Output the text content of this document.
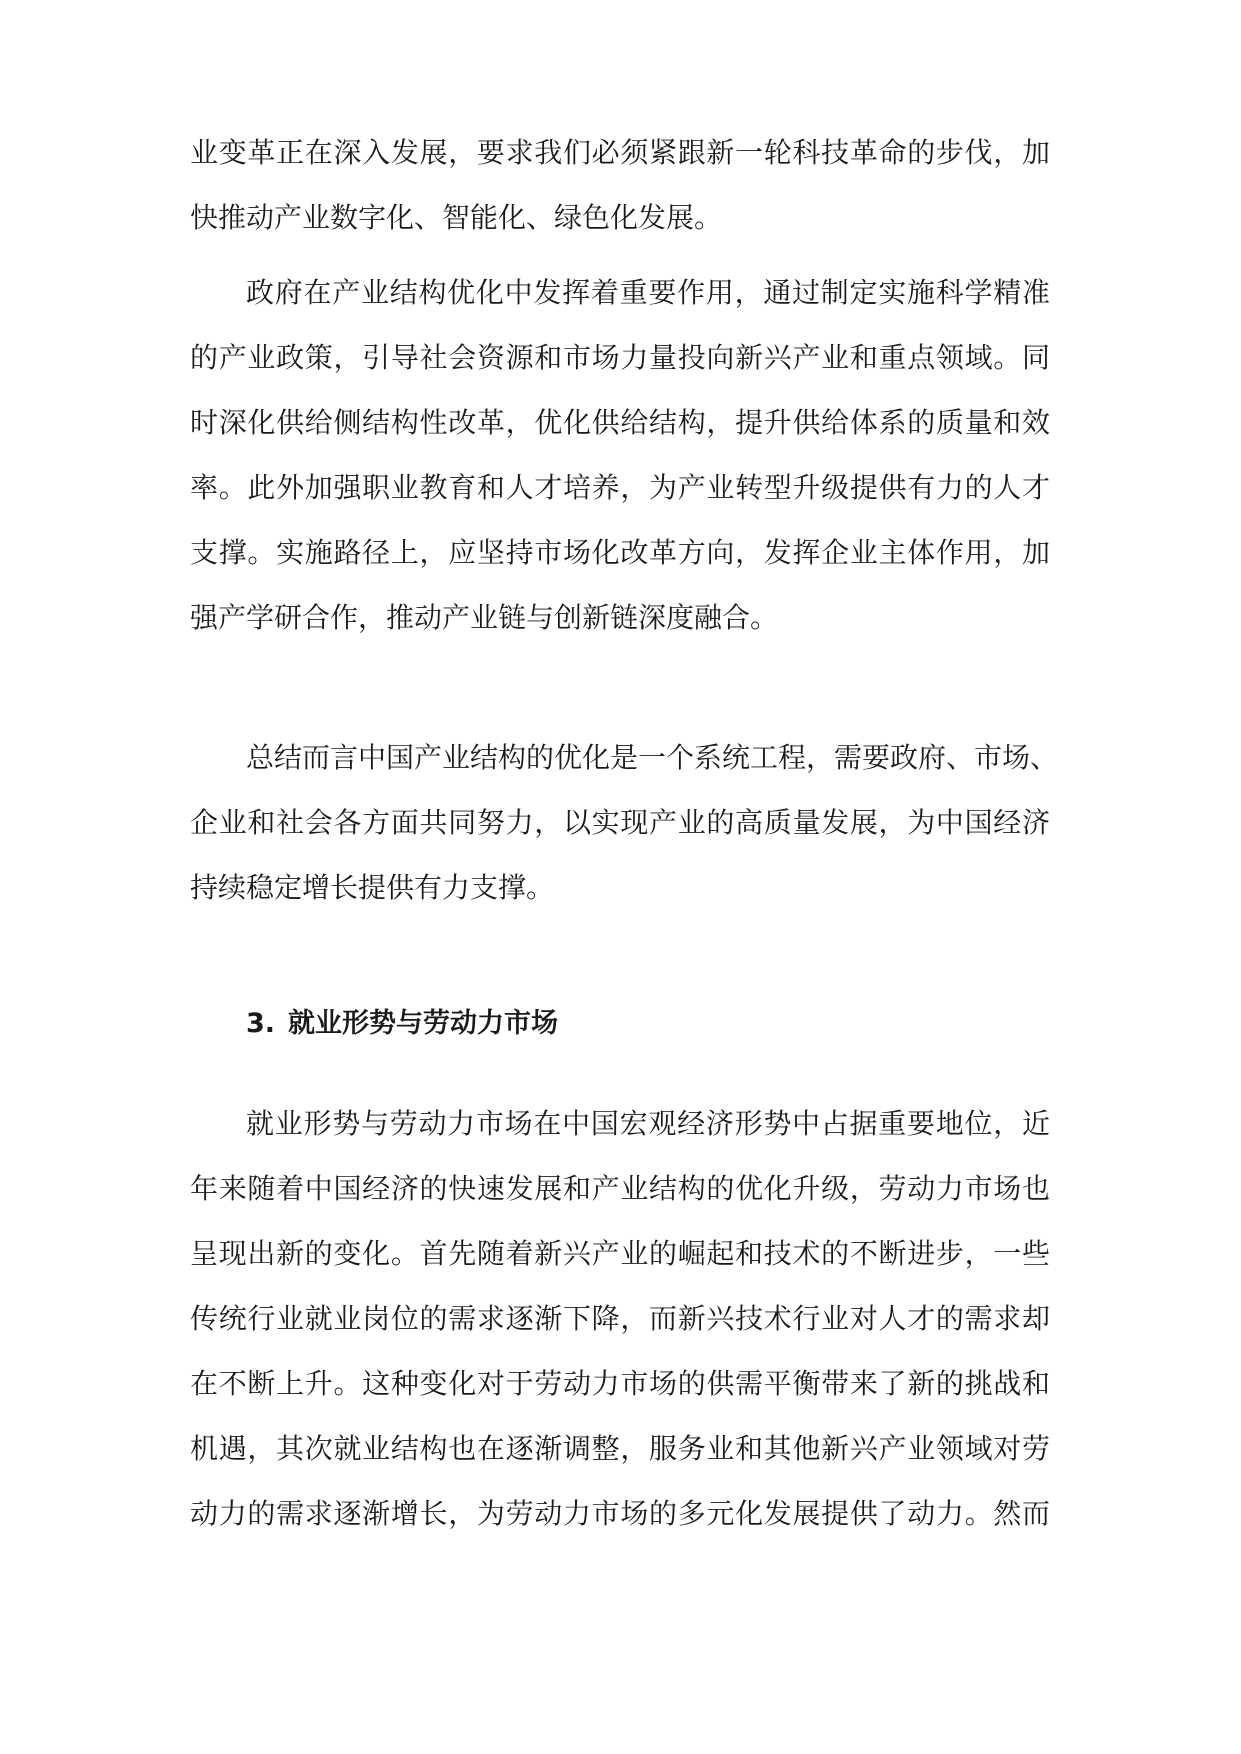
业变革正在深入发展，要求我们必须紧跟新一轮科技革命的步伐，加
快推动产业数字化、智能化、绿色化发展。
政府在产业结构优化中发挥着重要作用，通过制定实施科学精准
的产业政策，引导社会资源和市场力量投向新兴产业和重点领域。同
时深化供给侧结构性改革，优化供给结构，提升供给体系的质量和效
率。此外加强职业教育和人才培养，为产业转型升级提供有力的人才
支撑。实施路径上，应坚持市场化改革方向，发挥企业主体作用，加
强产学研合作，推动产业链与创新链深度融合。
总结而言中国产业结构的优化是一个系统工程，需要政府、市场、
企业和社会各方面共同努力，以实现产业的高质量发展，为中国经济
持续稳定增长提供有力支撑。
3. 就业形势与劳动力市场
就业形势与劳动力市场在中国宏观经济形势中占据重要地位，近
年来随着中国经济的快速发展和产业结构的优化升级，劳动力市场也
呈现出新的变化。首先随着新兴产业的崛起和技术的不断进步，一些
传统行业就业岗位的需求逐渐下降，而新兴技术行业对人才的需求却
在不断上升。这种变化对于劳动力市场的供需平衡带来了新的挑战和
机遇，其次就业结构也在逐渐调整，服务业和其他新兴产业领域对劳
动力的需求逐渐增长，为劳动力市场的多元化发展提供了动力。然而
